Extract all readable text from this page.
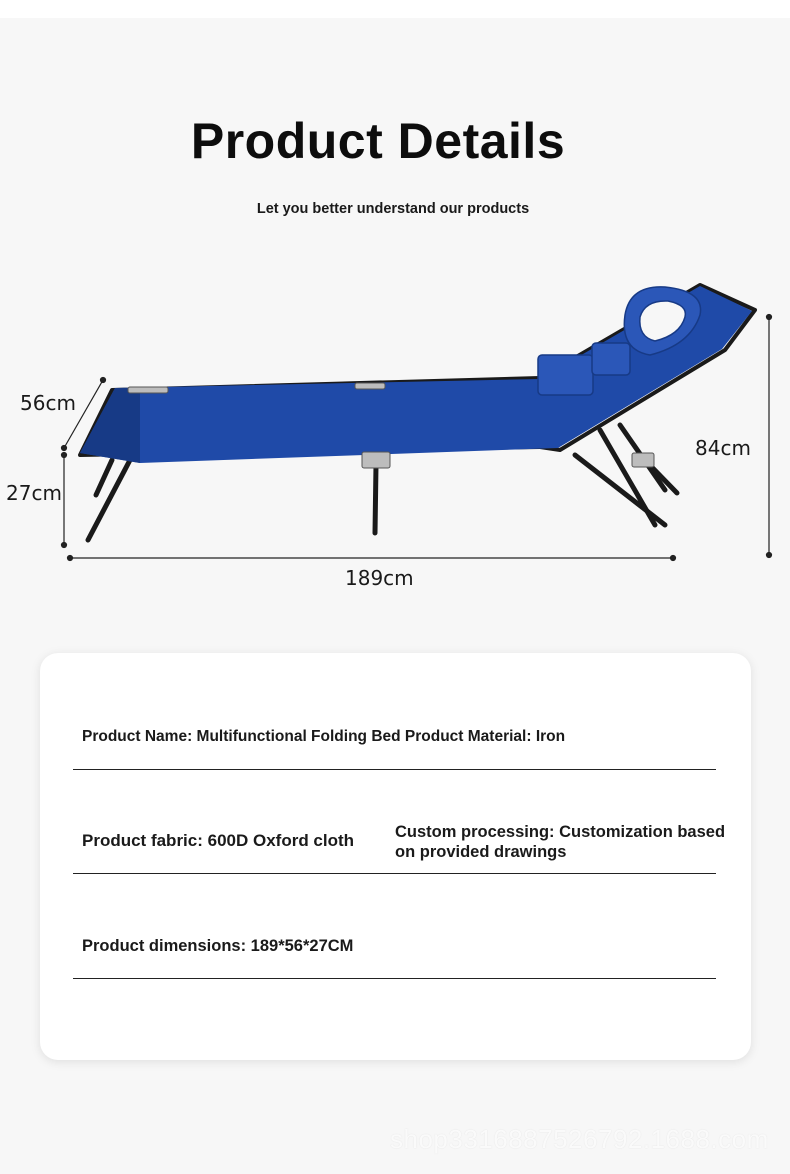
Product Details
Let you better understand our products
56cm
27cm
189cm
84cm
Product Name: Multifunctional Folding Bed Product Material: Iron
Product fabric: 600D Oxford cloth	Custom processing: Customization based on provided drawings
Product dimensions: 189*56*27CM
shop3316887526792.1688.com
